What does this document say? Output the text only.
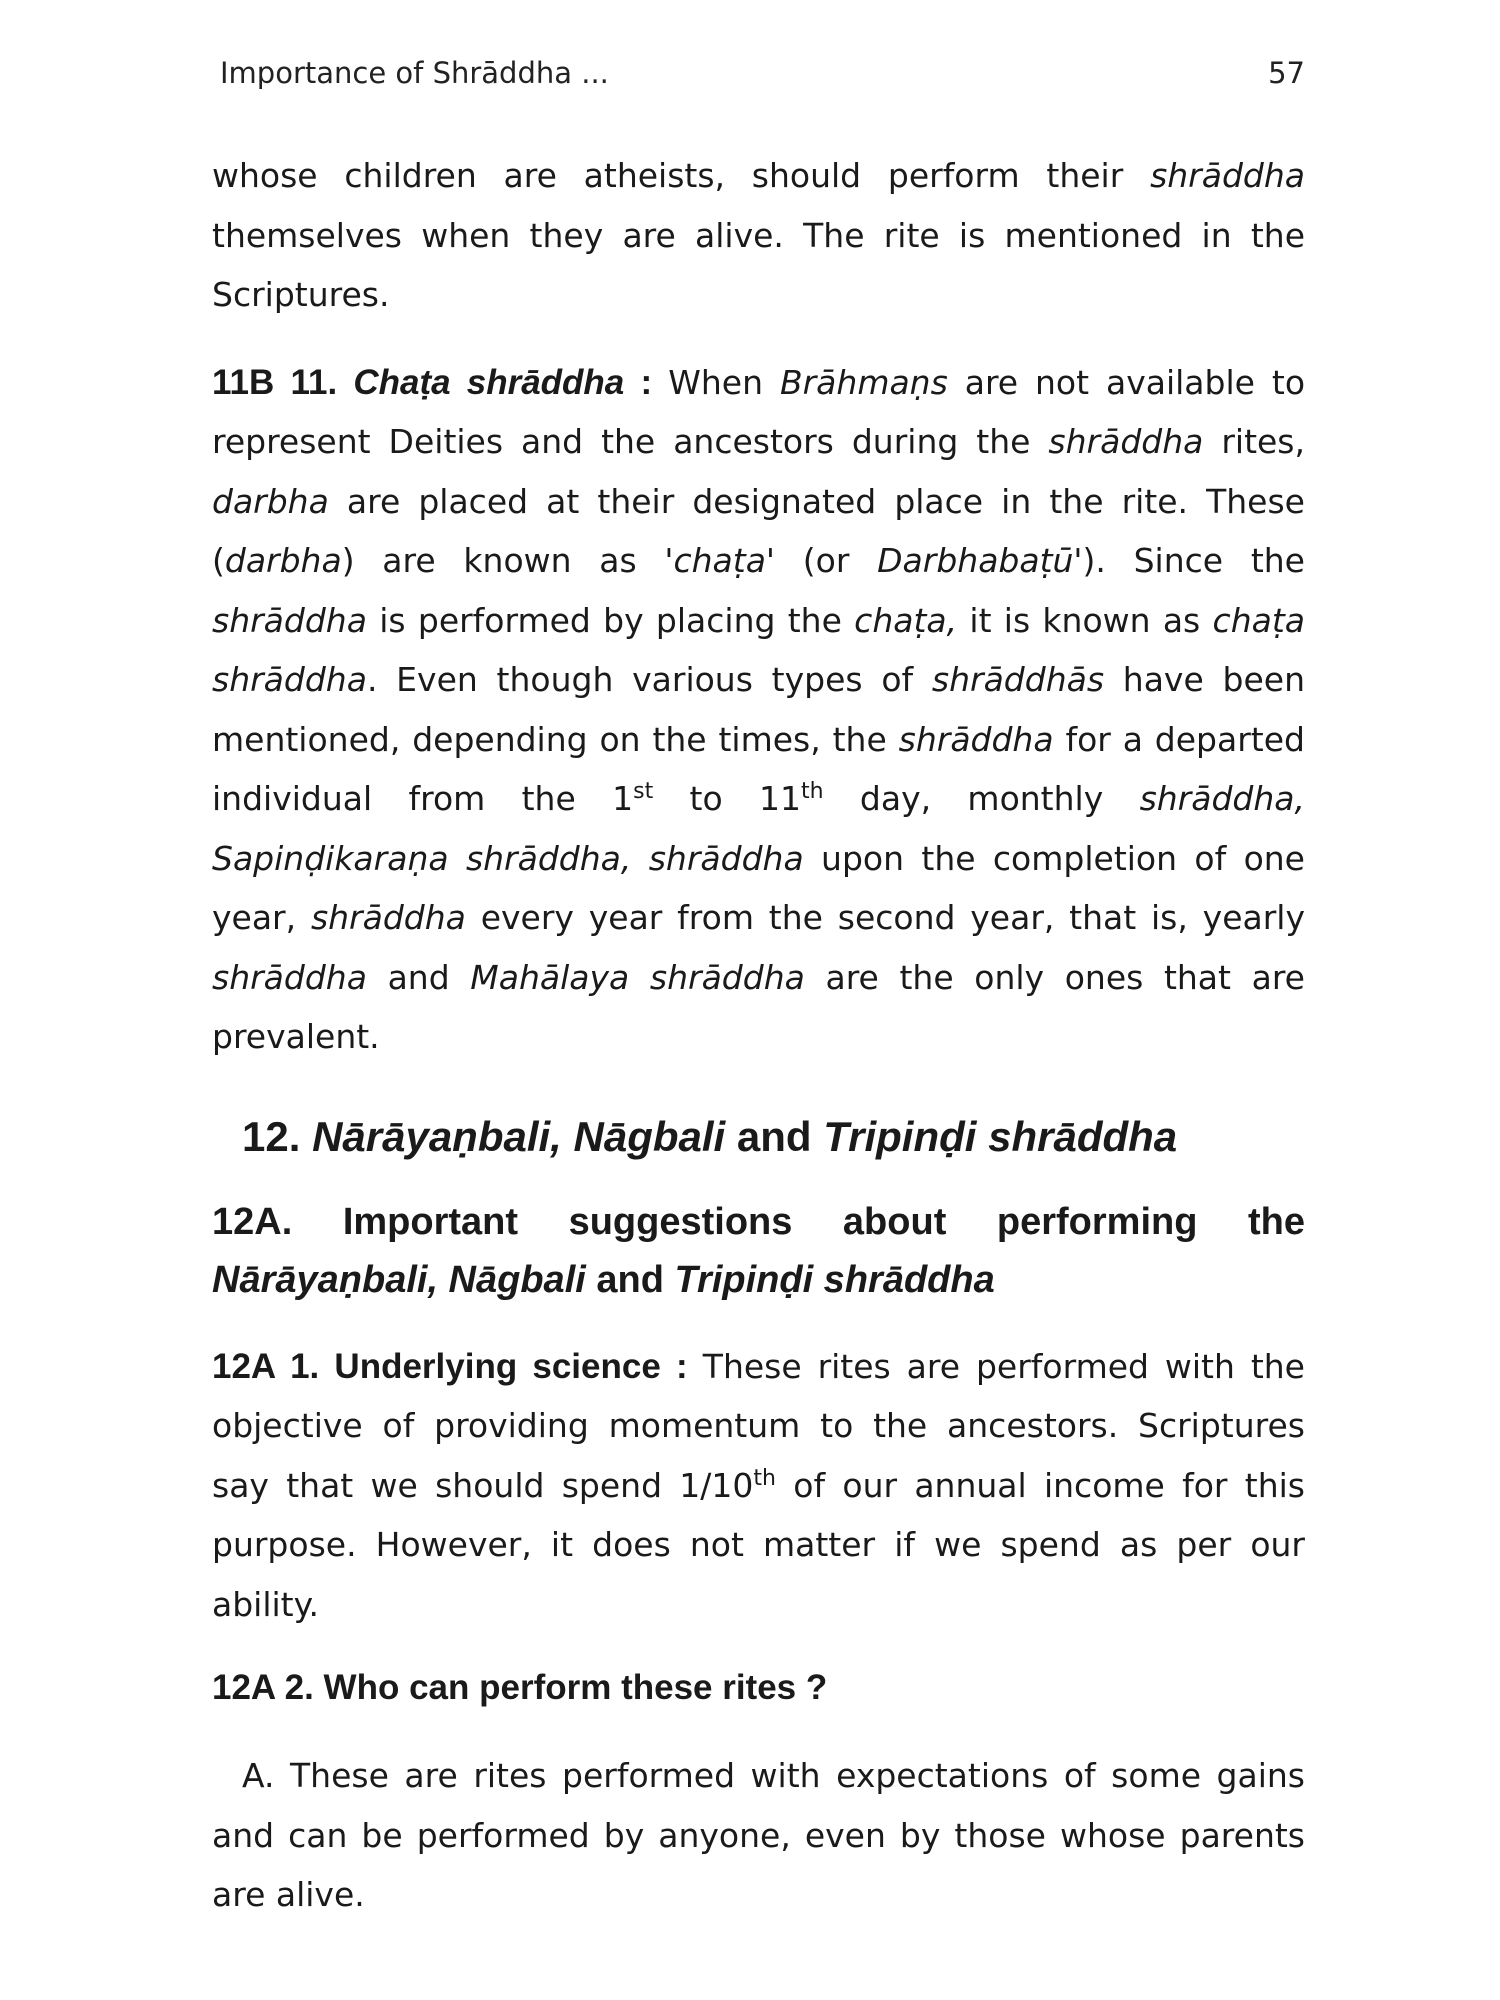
Importance of Shrāddha ...	57

whose children are atheists, should perform their shrāddha themselves when they are alive. The rite is mentioned in the Scriptures.

11B 11. Chaṭa shrāddha : When Brāhmaṇs are not available to represent Deities and the ancestors during the shrāddha rites, darbha are placed at their designated place in the rite. These (darbha) are known as 'chaṭa' (or Darbhabaṭū'). Since the shrāddha is performed by placing the chaṭa, it is known as chaṭa shrāddha. Even though various types of shrāddhās have been mentioned, depending on the times, the shrāddha for a departed individual from the 1st to 11th day, monthly shrāddha, Sapinḍikaraṇa shrāddha, shrāddha upon the completion of one year, shrāddha every year from the second year, that is, yearly shrāddha and Mahālaya shrāddha are the only ones that are prevalent.

12. Nārāyaṇbali, Nāgbali and Tripinḍi shrāddha
12A. Important suggestions about performing the Nārāyaṇbali, Nāgbali and Tripinḍi shrāddha

12A 1. Underlying science : These rites are performed with the objective of providing momentum to the ancestors. Scriptures say that we should spend 1/10th of our annual income for this purpose. However, it does not matter if we spend as per our ability.

12A 2. Who can perform these rites ?

A. These are rites performed with expectations of some gains and can be performed by anyone, even by those whose parents are alive.
